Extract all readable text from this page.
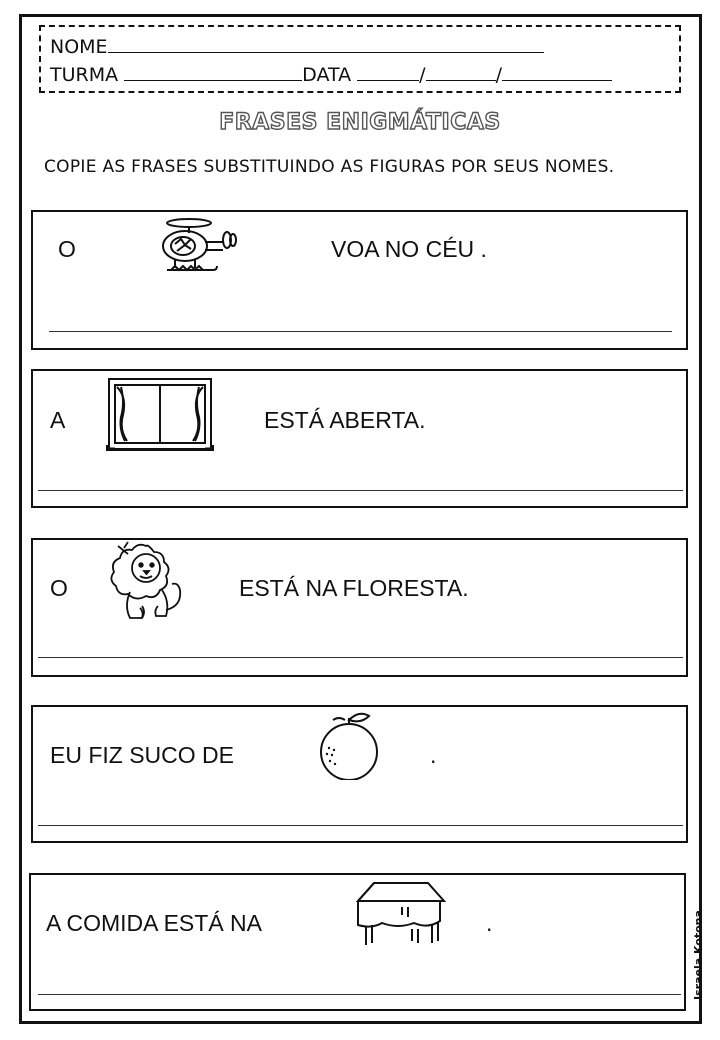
NOME
TURMA	DATA	/	/
FRASES ENIGMÁTICAS
COPIE AS FRASES SUBSTITUINDO AS FIGURAS POR SEUS NOMES.
O	VOA NO CÉU .
A	ESTÁ ABERTA.
O	ESTÁ NA FLORESTA.
EU FIZ SUCO DE	.
A COMIDA ESTÁ NA	.	Israela Kotona
